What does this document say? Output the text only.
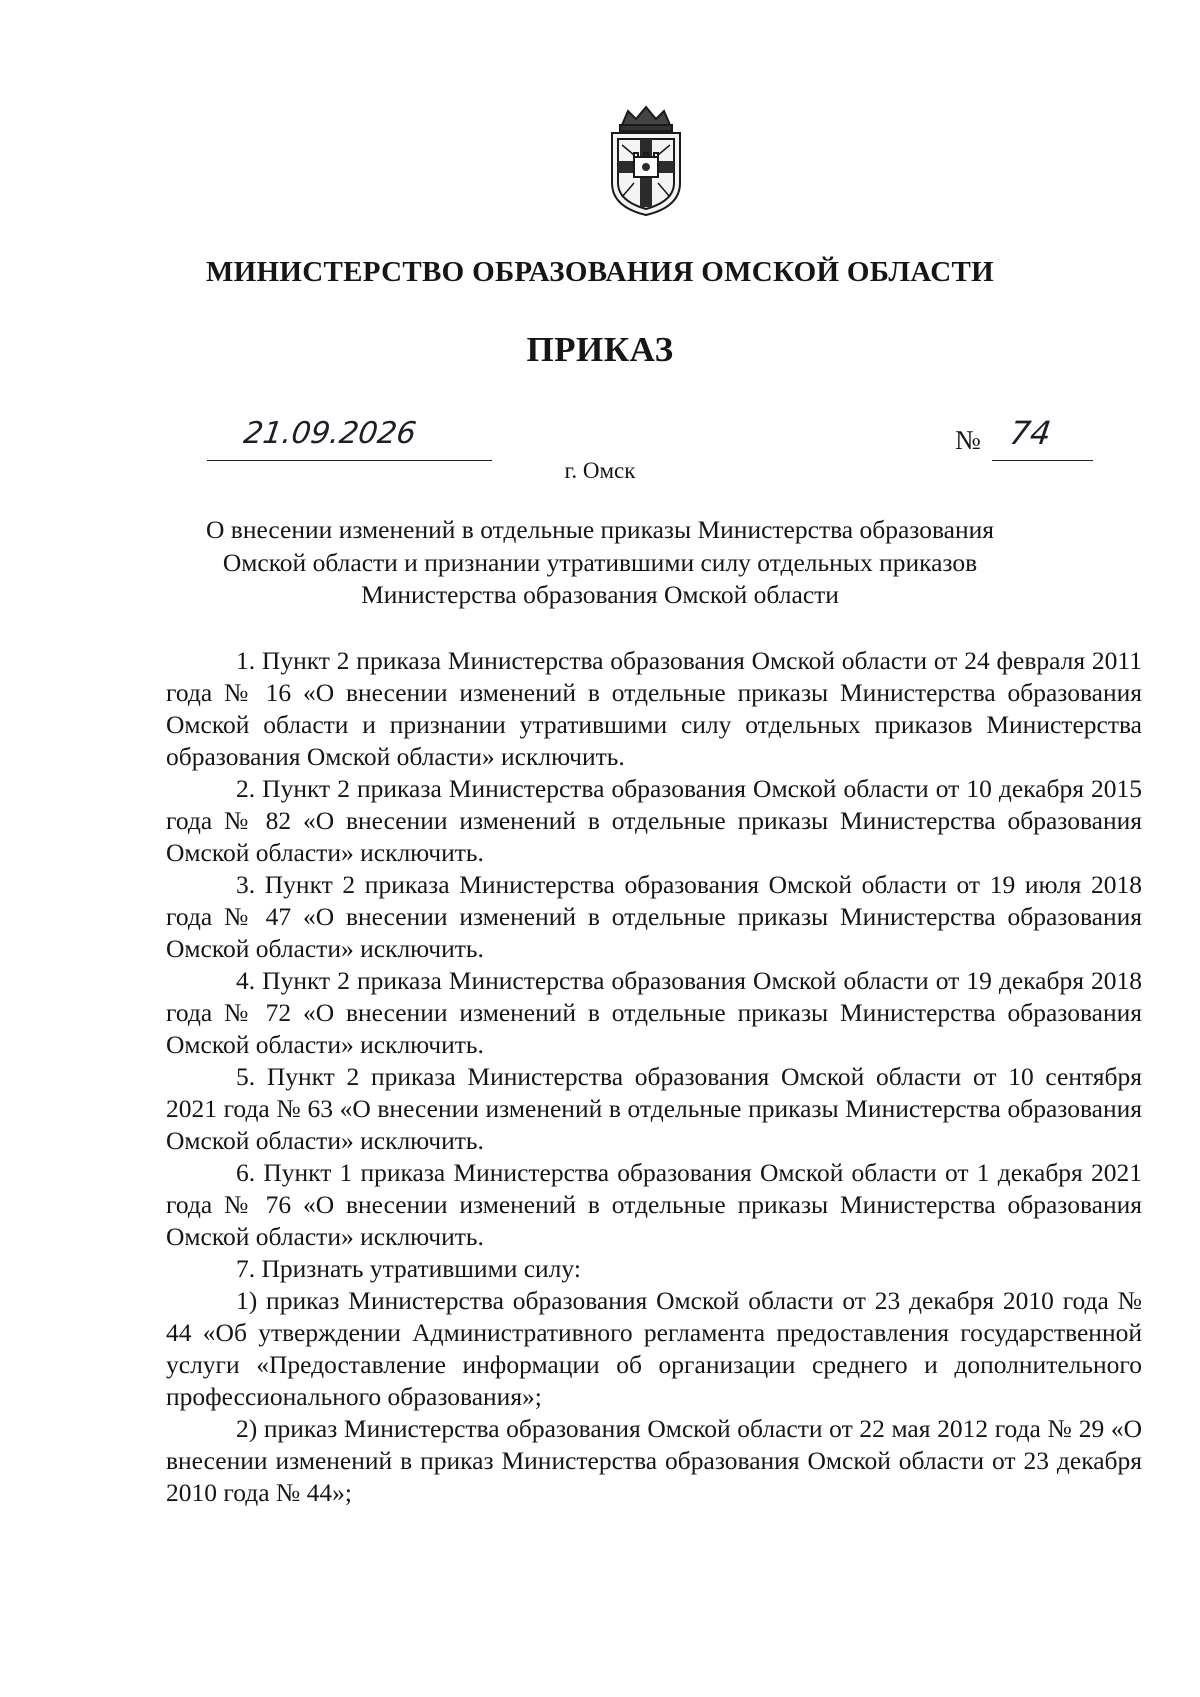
МИНИСТЕРСТВО ОБРАЗОВАНИЯ ОМСКОЙ ОБЛАСТИ
ПРИКАЗ
21.09.2026	№ 74
г. Омск
О внесении изменений в отдельные приказы Министерства образования
Омской области и признании утратившими силу отдельных приказов
Министерства образования Омской области

1. Пункт 2 приказа Министерства образования Омской области от 24 февраля 2011 года № 16 «О внесении изменений в отдельные приказы Министерства образования Омской области и признании утратившими силу отдельных приказов Министерства образования Омской области» исключить.

2. Пункт 2 приказа Министерства образования Омской области от 10 декабря 2015 года № 82 «О внесении изменений в отдельные приказы Министерства образования Омской области» исключить.

3. Пункт 2 приказа Министерства образования Омской области от 19 июля 2018 года № 47 «О внесении изменений в отдельные приказы Министерства образования Омской области» исключить.

4. Пункт 2 приказа Министерства образования Омской области от 19 декабря 2018 года № 72 «О внесении изменений в отдельные приказы Министерства образования Омской области» исключить.

5. Пункт 2 приказа Министерства образования Омской области от 10 сентября 2021 года № 63 «О внесении изменений в отдельные приказы Министерства образования Омской области» исключить.

6. Пункт 1 приказа Министерства образования Омской области от 1 декабря 2021 года № 76 «О внесении изменений в отдельные приказы Министерства образования Омской области» исключить.

7. Признать утратившими силу:

1) приказ Министерства образования Омской области от 23 декабря 2010 года № 44 «Об утверждении Административного регламента предоставления государственной услуги «Предоставление информации об организации среднего и дополнительного профессионального образования»;

2) приказ Министерства образования Омской области от 22 мая 2012 года № 29 «О внесении изменений в приказ Министерства образования Омской области от 23 декабря 2010 года № 44»;
